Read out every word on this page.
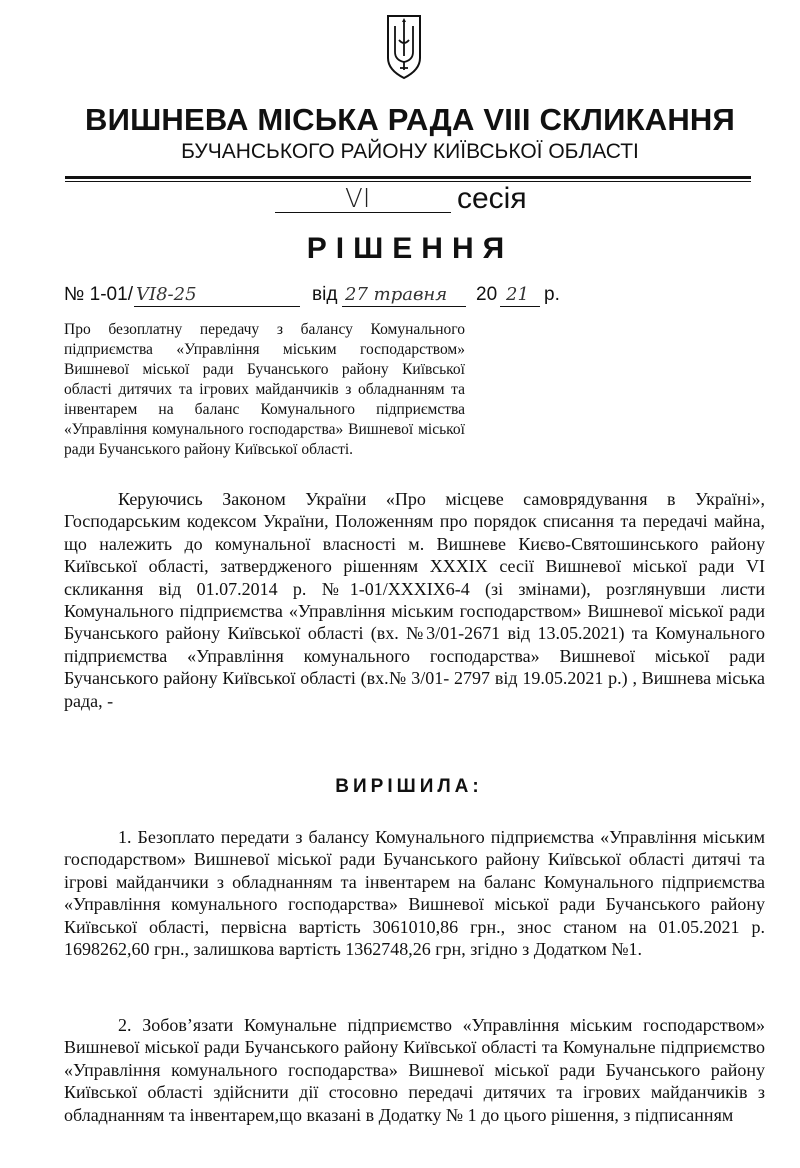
ВИШНЕВА МІСЬКА РАДА VІІІ СКЛИКАННЯ
БУЧАНСЬКОГО РАЙОНУ КИЇВСЬКОЇ ОБЛАСТІ
VI	сесія
РІШЕННЯ
№ 1-01/ VI8-25	від 27 травня 20 21 р.
Про безоплатну передачу з балансу Комунального підприємства «Управління міським господарством» Вишневої міської ради Бучанського району Київської області дитячих та ігрових майданчиків з обладнанням та інвентарем на баланс Комунального підприємства «Управління комунального господарства» Вишневої міської ради Бучанського району Київської області.
Керуючись Законом України «Про місцеве самоврядування в Україні», Господарським кодексом України, Положенням про порядок списання та передачі майна, що належить до комунальної власності м. Вишневе Києво-Святошинського району Київської області, затвердженого рішенням ХХХІХ сесії Вишневої міської ради VI скликання від 01.07.2014 р. №1-01/ХХХІХ6-4 (зі змінами), розглянувши листи Комунального підприємства «Управління міським господарством» Вишневої міської ради Бучанського району Київської області (вх. №3/01-2671 від 13.05.2021) та Комунального підприємства «Управління комунального господарства» Вишневої міської ради Бучанського району Київської області (вх.№ 3/01- 2797 від 19.05.2021 р.) , Вишнева міська рада, -
ВИРІШИЛА:
1. Безоплато передати з балансу Комунального підприємства «Управління міським господарством» Вишневої міської ради Бучанського району Київської області дитячі та ігрові майданчики з обладнанням та інвентарем на баланс Комунального підприємства «Управління комунального господарства» Вишневої міської ради Бучанського району Київської області, первісна вартість 3061010,86 грн., знос станом на 01.05.2021 р. 1698262,60 грн., залишкова вартість 1362748,26 грн, згідно з Додатком №1.
2. Зобов’язати Комунальне підприємство «Управління міським господарством» Вишневої міської ради Бучанського району Київської області та Комунальне підприємство «Управління комунального господарства» Вишневої міської ради Бучанського району Київської області здійснити дії стосовно передачі дитячих та ігрових майданчиків з обладнанням та інвентарем,що вказані в Додатку № 1 до цього рішення, з підписанням
